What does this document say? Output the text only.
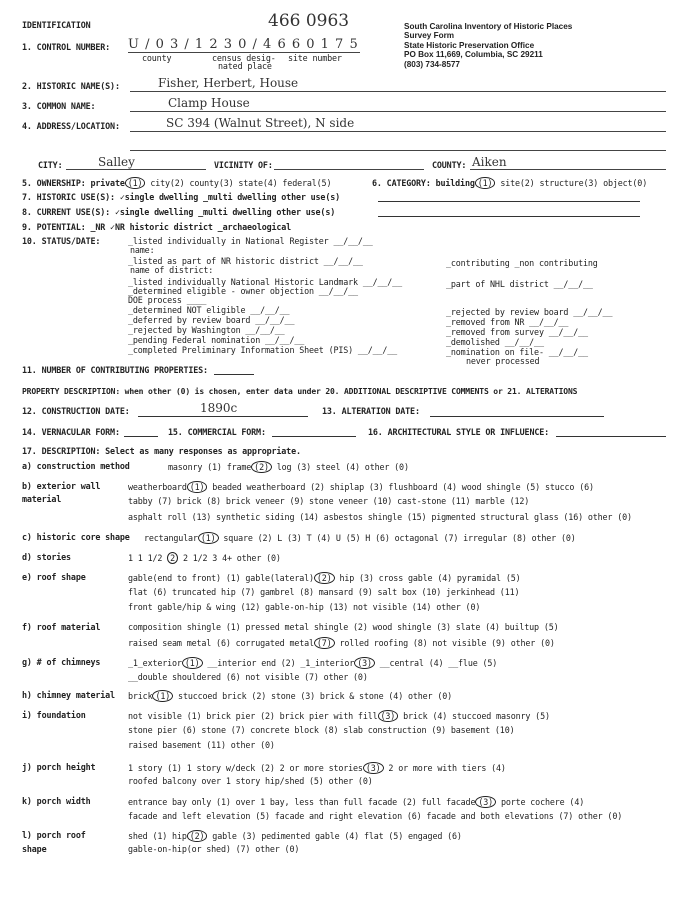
IDENTIFICATION	466 0963	South Carolina Inventory of Historic Places
Survey Form
State Historic Preservation Office
PO Box 11,669, Columbia, SC 29211
(803) 734-8577
1. CONTROL NUMBER: U / 0 3 / 1 2 3 0 / 4 6 6 0 1 7 5
county	census desig-
nated place
site number
2. HISTORIC NAME(S):	Fisher, Herbert, House
3. COMMON NAME:	Clamp House
4. ADDRESS/LOCATION:	SC 394 (Walnut Street), N side
CITY:	Salley	VICINITY OF:	COUNTY: Aiken
5. OWNERSHIP: private (1) city(2) county(3) state(4) federal(5)	6. CATEGORY: building (1) site(2) structure(3) object(0)
7. HISTORIC USE(S): ✓single dwelling _multi dwelling other use(s)
8. CURRENT USE(S): ✓single dwelling _multi dwelling other use(s)
9. POTENTIAL: _NR ✓NR historic district _archaeological
10. STATUS/DATE:	_listed individually in National Register __/__/__
name:
_listed as part of NR historic district __/__/__
name of district:
_listed individually National Historic Landmark __/__/__
_determined eligible - owner objection __/__/__
DOE process ____
_determined NOT eligible __/__/__
_deferred by review board __/__/__
_rejected by Washington __/__/__
_pending Federal nomination __/__/__
_completed Preliminary Information Sheet (PIS) __/__/__
_contributing _non contributing
_part of NHL district __/__/__
_rejected by review board __/__/__
_removed from NR __/__/__
_removed from survey __/__/__
_demolished __/__/__
_nomination on file- __/__/__
never processed
11. NUMBER OF CONTRIBUTING PROPERTIES:
PROPERTY DESCRIPTION: when other (0) is chosen, enter data under 20. ADDITIONAL DESCRIPTIVE COMMENTS or 21. ALTERATIONS
12. CONSTRUCTION DATE:	1890c	13. ALTERATION DATE:
14. VERNACULAR FORM:	15. COMMERCIAL FORM:	16. ARCHITECTURAL STYLE OR INFLUENCE:
17. DESCRIPTION: Select as many responses as appropriate.
a) construction method	masonry (1) frame (2) log (3) steel (4) other (0)
b) exterior wall
material
weatherboard (1) beaded weatherboard (2) shiplap (3) flushboard (4) wood shingle (5) stucco (6)
tabby (7) brick (8) brick veneer (9) stone veneer (10) cast-stone (11) marble (12)
asphalt roll (13) synthetic siding (14) asbestos shingle (15) pigmented structural glass (16) other (0)
c) historic core shape rectangular (1) square (2) L (3) T (4) U (5) H (6) octagonal (7) irregular (8) other (0)
d) stories	1 1 1/2 2 2 1/2 3 4+ other (0)
e) roof shape	gable(end to front) (1) gable(lateral) (2) hip (3) cross gable (4) pyramidal (5)
flat (6) truncated hip (7) gambrel (8) mansard (9) salt box (10) jerkinhead (11)
front gable/hip & wing (12) gable-on-hip (13) not visible (14) other (0)
f) roof material	composition shingle (1) pressed metal shingle (2) wood shingle (3) slate (4) builtup (5)
raised seam metal (6) corrugated metal (7) rolled roofing (8) not visible (9) other (0)
g) # of chimneys	_1_exterior (1) __interior end (2) _1_interior (3) __central (4) __flue (5)
__double shouldered (6) not visible (7) other (0)
h) chimney material brick (1) stuccoed brick (2) stone (3) brick & stone (4) other (0)
i) foundation	not visible (1) brick pier (2) brick pier with fill (3) brick (4) stuccoed masonry (5)
stone pier (6) stone (7) concrete block (8) slab construction (9) basement (10)
raised basement (11) other (0)
j) porch height	1 story (1) 1 story w/deck (2) 2 or more stories (3) 2 or more with tiers (4)
roofed balcony over 1 story hip/shed (5) other (0)
k) porch width	entrance bay only (1) over 1 bay, less than full facade (2) full facade (3) porte cochere (4)
facade and left elevation (5) facade and right elevation (6) facade and both elevations (7) other (0)
l) porch roof
shape
shed (1) hip (2) gable (3) pedimented gable (4) flat (5) engaged (6)
gable-on-hip(or shed) (7) other (0)
